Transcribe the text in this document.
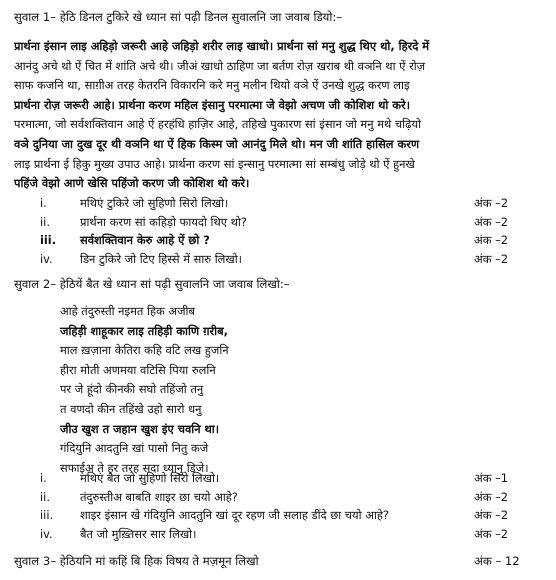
सुवाल 1– हेठि डिनल टुकिरे खे ध्यान सां पढ़ी डिनल सुवालनि जा जवाब डियो:–
प्रार्थना इंसान लाइ अहिड़ो जरूरी आहे जहिड़ो शरीर लाइ खाधो। प्रार्थना सां मनु शुद्ध थिए थो, हिरदे में
आनंदु अचे थो ऐं चित में शांति अचे थी। जीअं खाधो ठाहिण जा बर्तण रोज़ खराब थी वञनि था ऐं रोज़
साफ कजनि था, साग़ीअ तरह केतरनि विकारनि करे मनु मलीन थियो वञे ऐं उनखे शुद्ध करण लाइ
प्रार्थना रोज़ जरूरी आहे। प्रार्थना करण महिल इंसानु परमात्मा जे वेझो अचण जी कोशिश थो करे।
परमात्मा, जो सर्वशक्तिवान आहे ऐं हरहंधि हाज़िर आहे, तहिखे पुकारण सां इंसान जो मनु मथे चढ़ियो
वञे दुनिया जा दुख दूर थी वञनि था ऐं हिक किस्म जो आनंदु मिले थो। मन जी शांति हासिल करण
लाइ प्रार्थना ई हिकु मुख्य उपाउ आहे। प्रार्थना करण सां इन्सानु परमात्मा सां सम्बंधु जोड़े थो ऐं हुनखे
पहिंजे वेझो आणे खेसि पहिंजो करण जी कोशिश थो करे।
i.	मथिएं टुकिरे जो सुहिणो सिरो लिखो।	अंक –2
ii.	प्रार्थना करण सां कहिड़ो फायदो थिए थो?	अंक –2
iii.	सर्वशक्तिवान केरु आहे ऐं छो ?	अंक –2
iv.	डिन टुकिरे जो टिए हिस्से में सारु लिखो।	अंक –2
सुवाल 2– हेठियें बैत खे ध्यान सां पढ़ी सुवालनि जा जवाब लिखो:–
आहे तंदुरुस्ती नइमत हिक अजीब
जहिड़ी शाहूकार लाइ तहिड़ी काणि ग़रीब,
माल ख़ज़ाना केतिरा कहि वटि लख हुजनि
हीरा मोती अणमया वटिसि पिया रुलनि
पर जे हूंदो कीनकी सघो तहिंजो तनु
त वणदो कीन तहिंखे उहो सारो धनु
जीउ खुश त जहान खुश इंए चवनि था।
गंदियुनि आदतुनि खां पासो नितु कजे
सफाईअ ते हर तरह सदा ध्यानु डिजे।
i.	मथिएं बैत जो सुहिणो सिरो लिखो।	अंक –1
ii.	तंदुरुस्तीअ बाबति शाइर छा चयो आहे?	अंक –2
iii.	शाइर इंसान खे गंदियुनि आदतुनि खां दूर रहण जी सलाह डींदे छा चयो आहे?	अंक –2
iv.	बैत जो मुख़्तिसर सार लिखो।	अंक –2
सुवाल 3– हेठियनि मां कहिं बि हिक विषय ते मज़मून लिखो	अंक – 12
